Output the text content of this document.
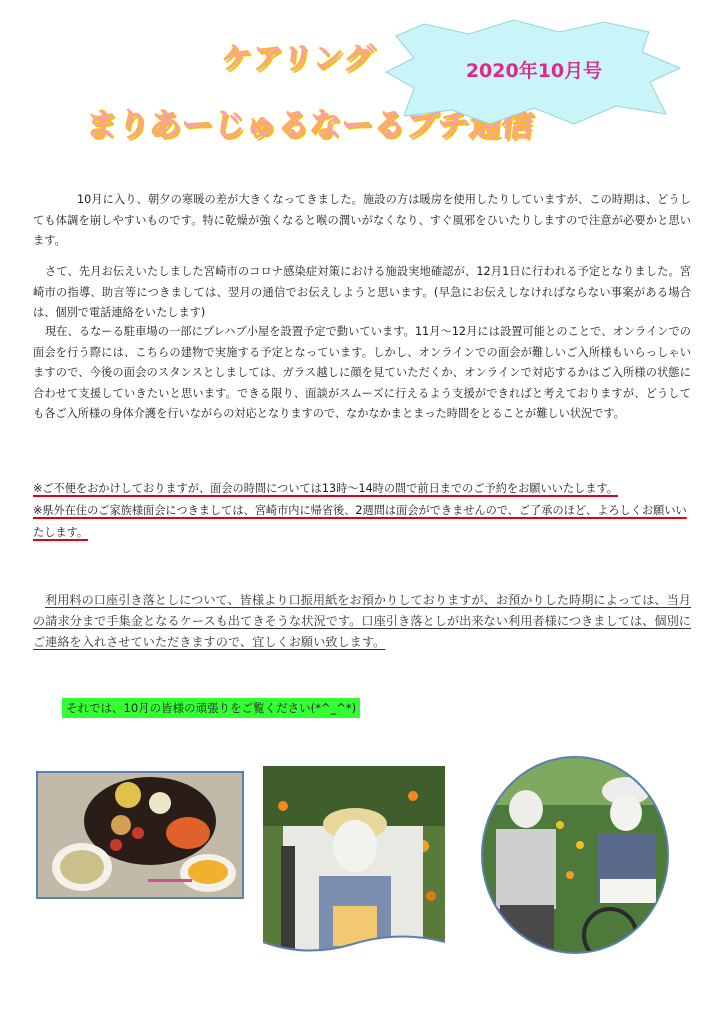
ケアリング
まりあーじゅるなーるプチ通信
2020年10月号

10月に入り、朝夕の寒暖の差が大きくなってきました。施設の方は暖房を使用したりしていますが、この時期は、どうしても体調を崩しやすいものです。特に乾燥が強くなると喉の潤いがなくなり、すぐ風邪をひいたりしますので注意が必要かと思います。

さて、先月お伝えいたしました宮崎市のコロナ感染症対策における施設実地確認が、12月1日に行われる予定となりました。宮崎市の指導、助言等につきましては、翌月の通信でお伝えしようと思います。(早急にお伝えしなければならない事案がある場合は、個別で電話連絡をいたします)

現在、るなーる駐車場の一部にプレハブ小屋を設置予定で動いています。11月～12月には設置可能とのことで、オンラインでの面会を行う際には、こちらの建物で実施する予定となっています。しかし、オンラインでの面会が難しいご入所様もいらっしゃいますので、今後の面会のスタンスとしましては、ガラス越しに顔を見ていただくか、オンラインで対応するかはご入所様の状態に合わせて支援していきたいと思います。できる限り、面談がスムーズに行えるよう支援ができればと考えておりますが、どうしても各ご入所様の身体介護を行いながらの対応となりますので、なかなかまとまった時間をとることが難しい状況です。

※ご不便をおかけしておりますが、面会の時間については13時～14時の間で前日までのご予約をお願いいたします。
※県外在住のご家族様面会につきましては、宮崎市内に帰省後、2週間は面会ができませんので、ご了承のほど、よろしくお願いいたします。

利用料の口座引き落としについて、皆様より口振用紙をお預かりしておりますが、お預かりした時期によっては、当月の請求分まで手集金となるケースも出てきそうな状況です。口座引き落としが出来ない利用者様につきましては、個別にご連絡を入れさせていただきますので、宜しくお願い致します。

それでは、10月の皆様の頑張りをご覧ください(*^_^*)
